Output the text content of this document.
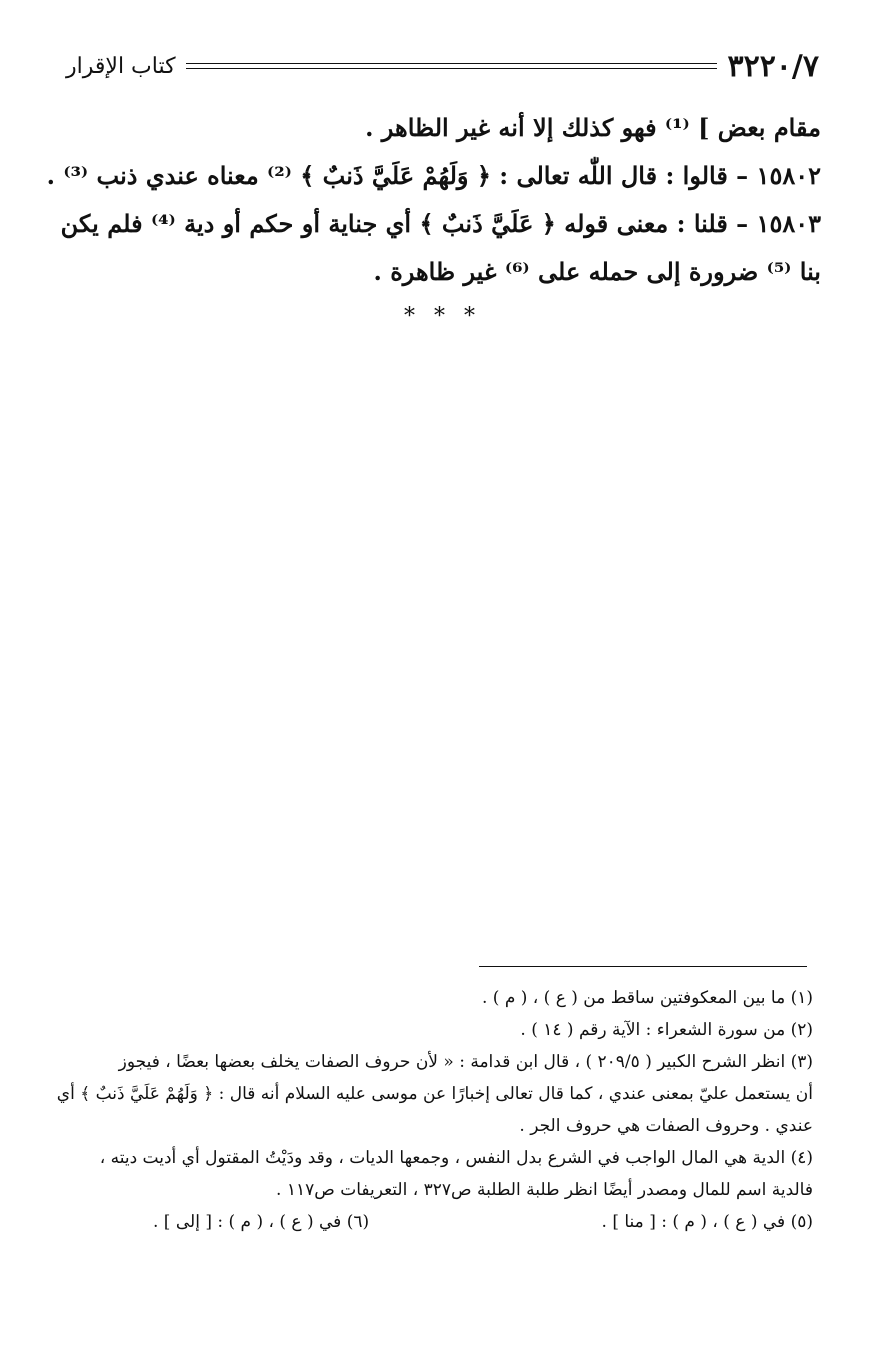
٣٢٢٠/٧
كتاب الإقرار
مقام بعض ] ⁽¹⁾ فهو كذلك إلا أنه غير الظاهر .
١٥٨٠٢ – قالوا : قال اللّٰه تعالى : ﴿ وَلَهُمْ عَلَيَّ ذَنبٌ ﴾ ⁽²⁾ معناه عندي ذنب ⁽³⁾ .
١٥٨٠٣ – قلنا : معنى قوله ﴿ عَلَيَّ ذَنبٌ ﴾ أي جناية أو حكم أو دية ⁽⁴⁾ فلم يكن
بنا ⁽⁵⁾ ضرورة إلى حمله على ⁽⁶⁾ غير ظاهرة .
* * *
(١) ما بين المعكوفتين ساقط من ( ع ) ، ( م ) .
(٢) من سورة الشعراء : الآية رقم ( ١٤ ) .
(٣) انظر الشرح الكبير ( ٢٠٩/٥ ) ، قال ابن قدامة : « لأن حروف الصفات يخلف بعضها بعضًا ، فيجوز
أن يستعمل عليّ بمعنى عندي ، كما قال تعالى إخبارًا عن موسى عليه السلام أنه قال : ﴿ وَلَهُمْ عَلَيَّ ذَنبٌ ﴾ أي
عندي . وحروف الصفات هي حروف الجر .
(٤) الدية هي المال الواجب في الشرع بدل النفس ، وجمعها الديات ، وقد ودَيْتُ المقتول أي أديت ديته ،
فالدية اسم للمال ومصدر أيضًا انظر طلبة الطلبة ص٣٢٧ ، التعريفات ص١١٧ .
(٥) في ( ع ) ، ( م ) : [ منا ] .
(٦) في ( ع ) ، ( م ) : [ إلى ] .
